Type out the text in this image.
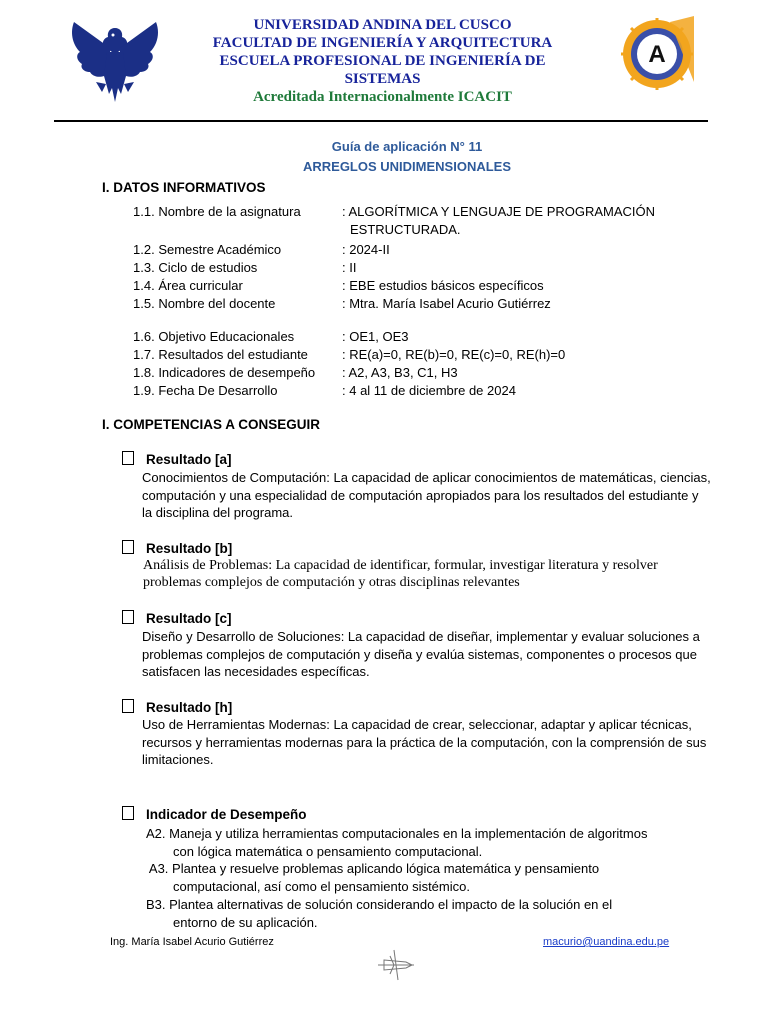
UNIVERSIDAD ANDINA DEL CUSCO
FACULTAD DE INGENIERÍA Y ARQUITECTURA
ESCUELA PROFESIONAL DE INGENIERÍA DE SISTEMAS
Acreditada Internacionalmente ICACIT
A
Guía de aplicación N° 11
ARREGLOS UNIDIMENSIONALES
I. DATOS INFORMATIVOS
1.1. Nombre de la asignatura	: ALGORÍTMICA Y LENGUAJE DE PROGRAMACIÓN
ESTRUCTURADA.
1.2. Semestre Académico	: 2024-II
1.3. Ciclo de estudios	: II
1.4. Área curricular	: EBE estudios básicos específicos
1.5. Nombre del docente	: Mtra. María Isabel Acurio Gutiérrez
1.6. Objetivo Educacionales	: OE1, OE3
1.7. Resultados del estudiante	: RE(a)=0, RE(b)=0, RE(c)=0, RE(h)=0
1.8. Indicadores de desempeño : A2, A3, B3, C1, H3
1.9. Fecha De Desarrollo	: 4 al 11 de diciembre de 2024
I. COMPETENCIAS A CONSEGUIR
Resultado [a]
Conocimientos de Computación: La capacidad de aplicar conocimientos de matemáticas, ciencias, computación y una especialidad de computación apropiados para los resultados del estudiante y la disciplina del programa.
Resultado [b]
Análisis de Problemas: La capacidad de identificar, formular, investigar literatura y resolver problemas complejos de computación y otras disciplinas relevantes
Resultado [c]
Diseño y Desarrollo de Soluciones: La capacidad de diseñar, implementar y evaluar soluciones a problemas complejos de computación y diseña y evalúa sistemas, componentes o procesos que satisfacen las necesidades específicas.
Resultado [h]
Uso de Herramientas Modernas: La capacidad de crear, seleccionar, adaptar y aplicar técnicas, recursos y herramientas modernas para la práctica de la computación, con la comprensión de sus limitaciones.
Indicador de Desempeño
A2. Maneja y utiliza herramientas computacionales en la implementación de algoritmos
con lógica matemática o pensamiento computacional.
A3. Plantea y resuelve problemas aplicando lógica matemática y pensamiento
computacional, así como el pensamiento sistémico.
B3. Plantea alternativas de solución considerando el impacto de la solución en el
entorno de su aplicación.
Ing. María Isabel Acurio Gutiérrez	macurio@uandina.edu.pe
